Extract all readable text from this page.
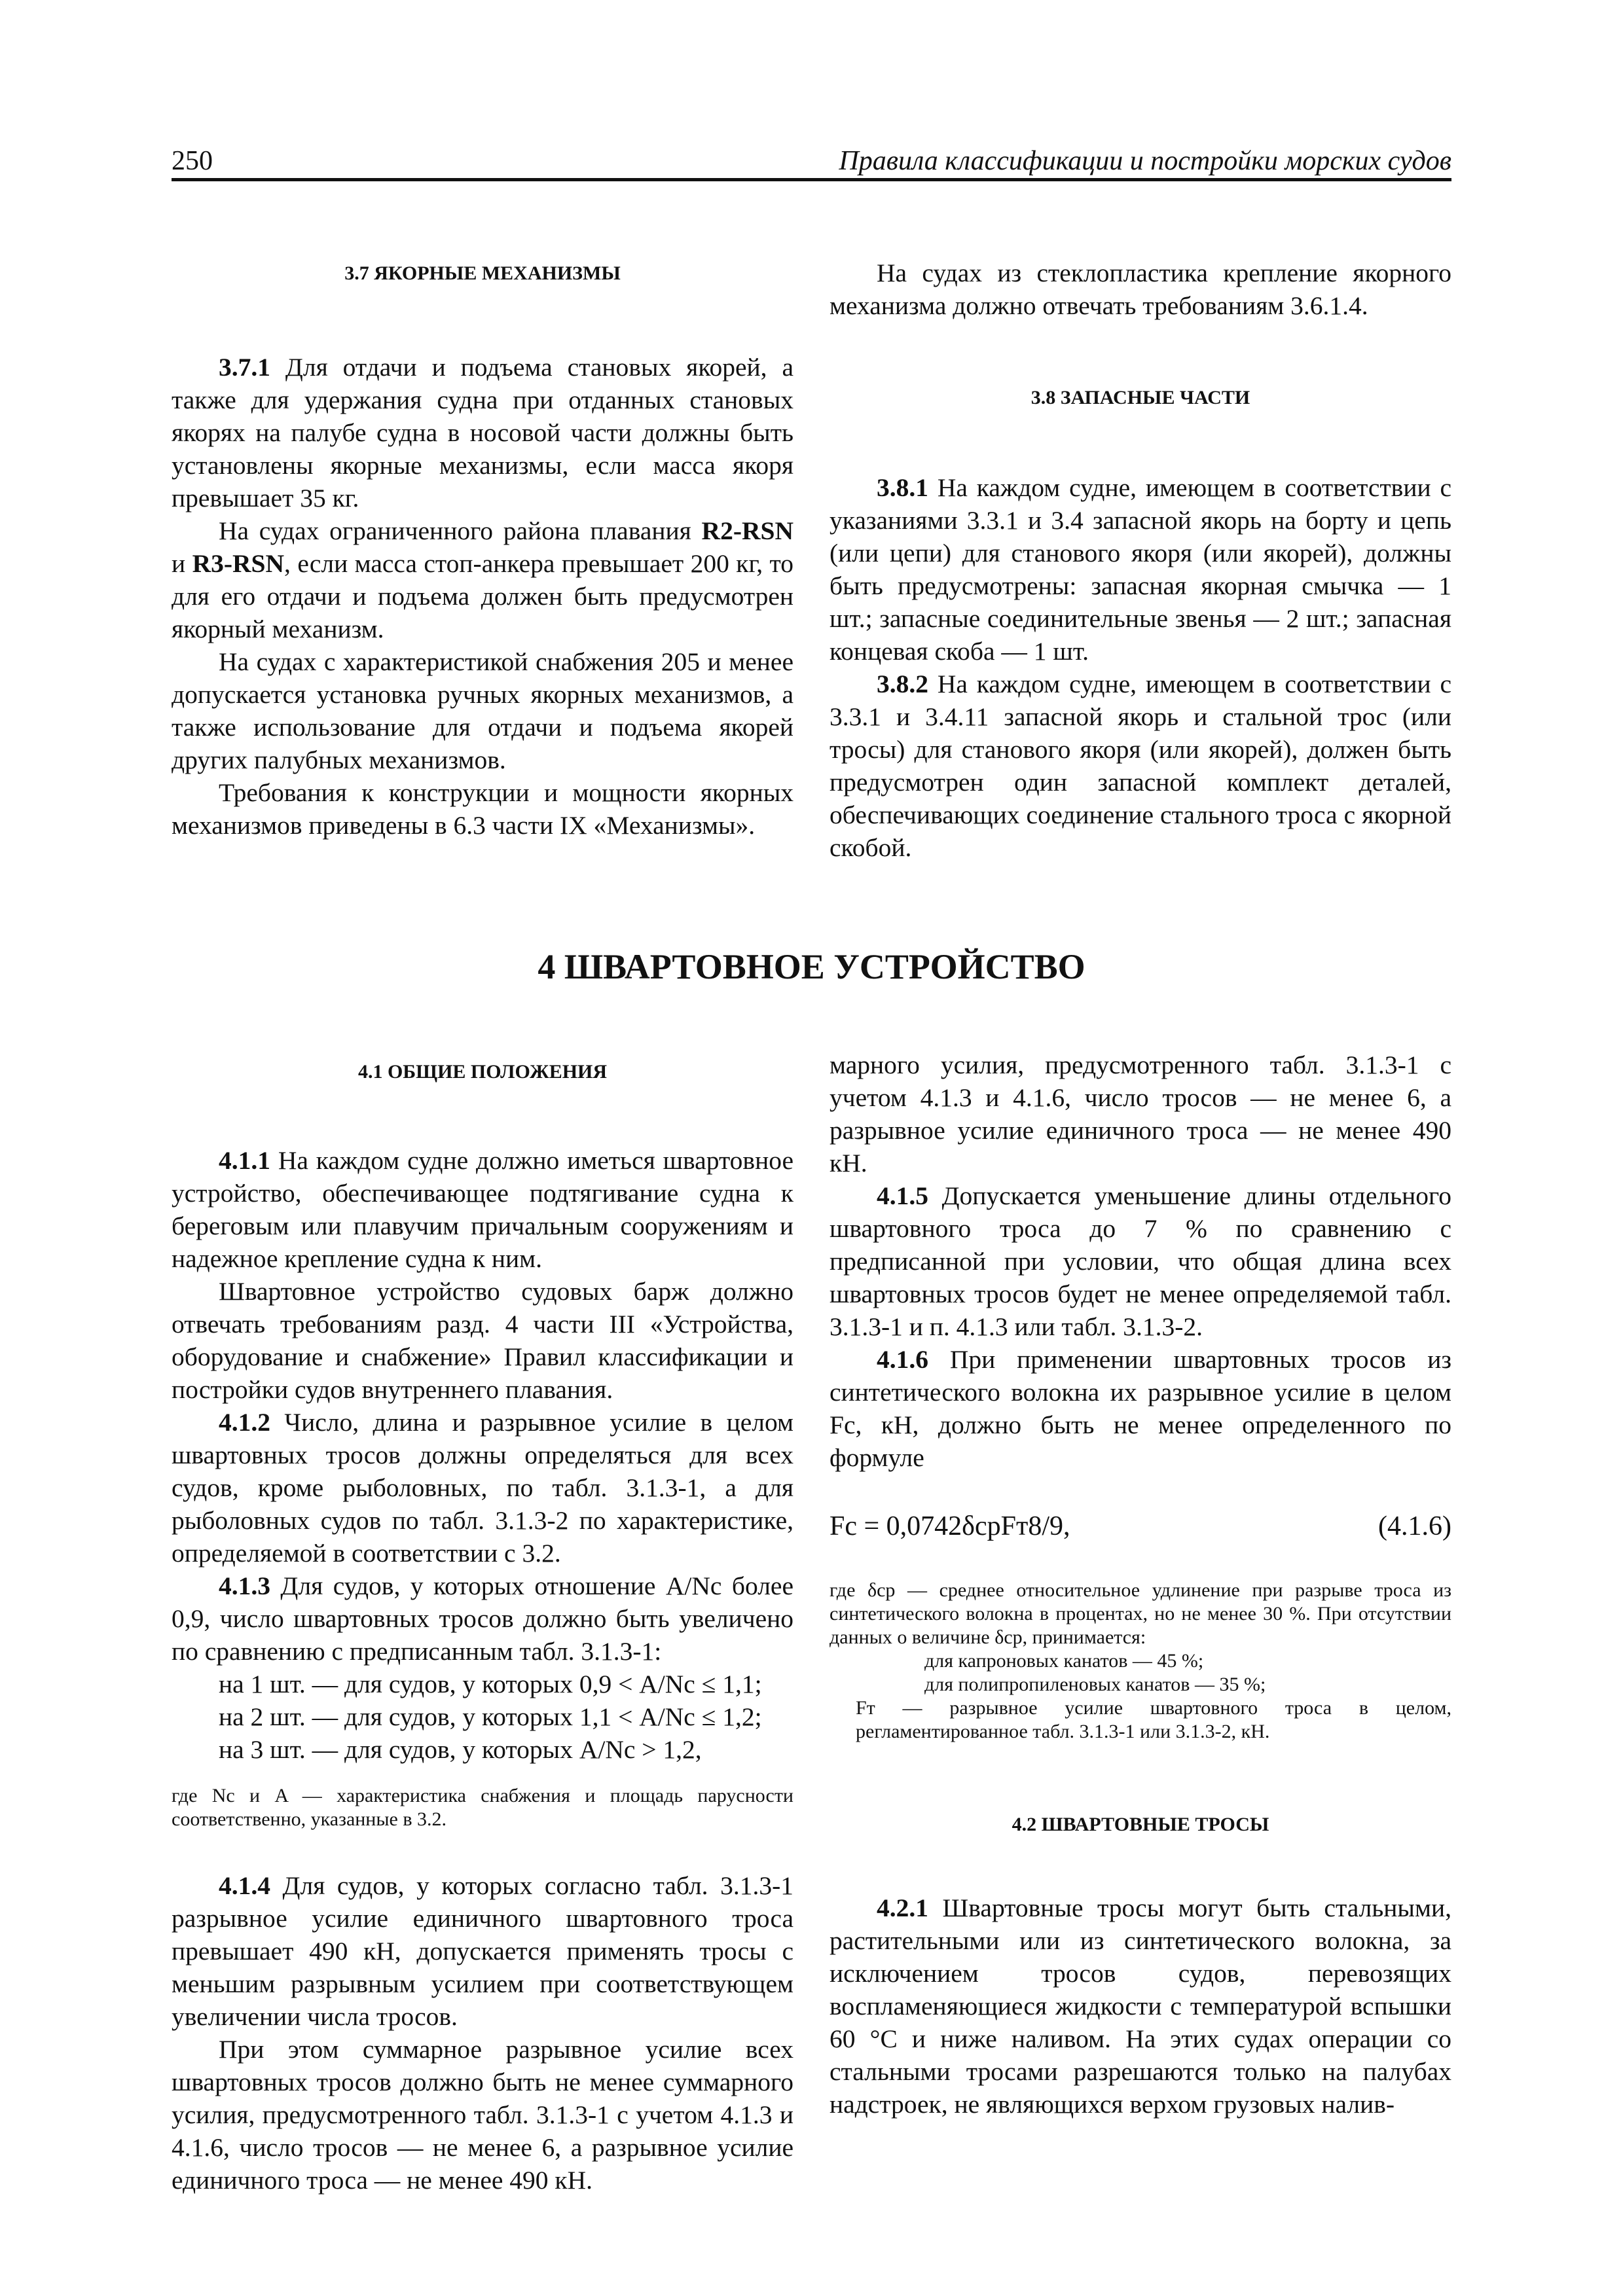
250	Правила классификации и постройки морских судов

3.7 ЯКОРНЫЕ МЕХАНИЗМЫ

3.7.1 Для отдачи и подъема становых якорей, а также для удержания судна при отданных становых якорях на палубе судна в носовой части должны быть установлены якорные механизмы, если масса якоря превышает 35 кг.

На судах ограниченного района плавания R2-RSN и R3-RSN, если масса стоп-анкера превышает 200 кг, то для его отдачи и подъема должен быть предусмотрен якорный механизм.

На судах с характеристикой снабжения 205 и менее допускается установка ручных якорных механизмов, а также использование для отдачи и подъема якорей других палубных механизмов.

Требования к конструкции и мощности якорных механизмов приведены в 6.3 части IX «Механизмы».

На судах из стеклопластика крепление якорного механизма должно отвечать требованиям 3.6.1.4.

3.8 ЗАПАСНЫЕ ЧАСТИ

3.8.1 На каждом судне, имеющем в соответствии с указаниями 3.3.1 и 3.4 запасной якорь на борту и цепь (или цепи) для станового якоря (или якорей), должны быть предусмотрены: запасная якорная смычка — 1 шт.; запасные соединительные звенья — 2 шт.; запасная концевая скоба — 1 шт.

3.8.2 На каждом судне, имеющем в соответствии с 3.3.1 и 3.4.11 запасной якорь и стальной трос (или тросы) для станового якоря (или якорей), должен быть предусмотрен один запасной комплект деталей, обеспечивающих соединение стального троса с якорной скобой.

4 ШВАРТОВНОЕ УСТРОЙСТВО

4.1 ОБЩИЕ ПОЛОЖЕНИЯ

4.1.1 На каждом судне должно иметься швартовное устройство, обеспечивающее подтягивание судна к береговым или плавучим причальным сооружениям и надежное крепление судна к ним.

Швартовное устройство судовых барж должно отвечать требованиям разд. 4 части III «Устройства, оборудование и снабжение» Правил классификации и постройки судов внутреннего плавания.

4.1.2 Число, длина и разрывное усилие в целом швартовных тросов должны определяться для всех судов, кроме рыболовных, по табл. 3.1.3-1, а для рыболовных судов по табл. 3.1.3-2 по характеристике, определяемой в соответствии с 3.2.

4.1.3 Для судов, у которых отношение A/Nс более 0,9, число швартовных тросов должно быть увеличено по сравнению с предписанным табл. 3.1.3-1:

на 1 шт. — для судов, у которых 0,9 < A/Nс ≤ 1,1;

на 2 шт. — для судов, у которых 1,1 < A/Nс ≤ 1,2;

на 3 шт. — для судов, у которых A/Nс > 1,2,

где Nс и A — характеристика снабжения и площадь парусности соответственно, указанные в 3.2.

4.1.4 Для судов, у которых согласно табл. 3.1.3-1 разрывное усилие единичного швартовного троса превышает 490 кН, допускается применять тросы с меньшим разрывным усилием при соответствующем увеличении числа тросов.

При этом суммарное разрывное усилие всех швартовных тросов должно быть не менее суммарного усилия, предусмотренного табл. 3.1.3-1 с учетом 4.1.3 и 4.1.6, число тросов — не менее 6, а разрывное усилие единичного троса — не менее 490 кН.

марного усилия, предусмотренного табл. 3.1.3-1 с учетом 4.1.3 и 4.1.6, число тросов — не менее 6, а разрывное усилие единичного троса — не менее 490 кН.

4.1.5 Допускается уменьшение длины отдельного швартовного троса до 7 % по сравнению с предписанной при условии, что общая длина всех швартовных тросов будет не менее определяемой табл. 3.1.3-1 и п. 4.1.3 или табл. 3.1.3-2.

4.1.6 При применении швартовных тросов из синтетического волокна их разрывное усилие в целом Fс, кН, должно быть не менее определенного по формуле

Fс = 0,0742δсрFт8/9,	(4.1.6)

где δср — среднее относительное удлинение при разрыве троса из синтетического волокна в процентах, но не менее 30 %. При отсутствии данных о величине δср, принимается:

для капроновых канатов — 45 %;

для полипропиленовых канатов — 35 %;

Fт — разрывное усилие швартовного троса в целом, регламентированное табл. 3.1.3-1 или 3.1.3-2, кН.

4.2 ШВАРТОВНЫЕ ТРОСЫ

4.2.1 Швартовные тросы могут быть стальными, растительными или из синтетического волокна, за исключением тросов судов, перевозящих воспламеняющиеся жидкости с температурой вспышки 60 °С и ниже наливом. На этих судах операции со стальными тросами разрешаются только на палубах надстроек, не являющихся верхом грузовых налив-
